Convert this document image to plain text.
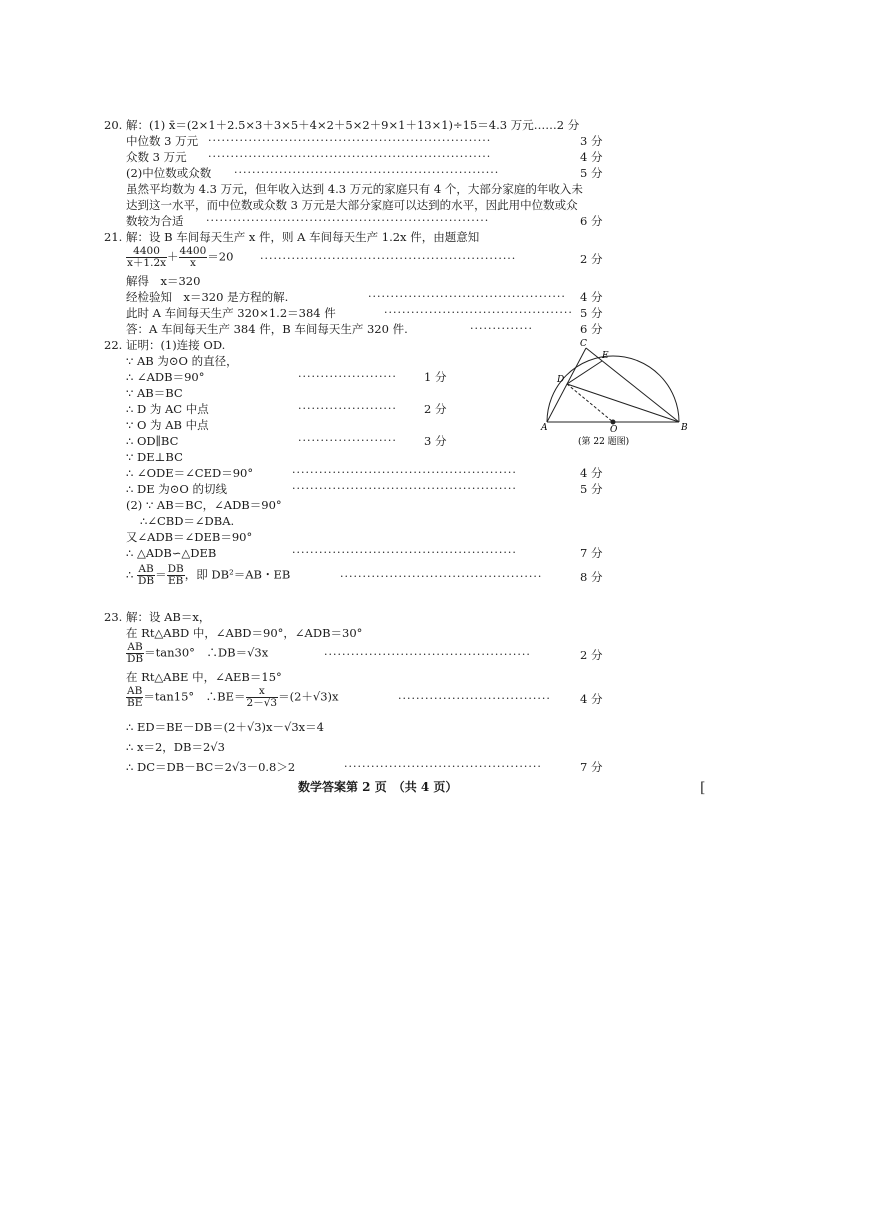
20. 解：(1) x̄＝(2×1＋2.5×3＋3×5＋4×2＋5×2＋9×1＋13×1)÷15＝4.3 万元……2 分
中位数 3 万元 ·······························································	3 分
众数 3 万元 ·······························································	4 分
(2)中位数或众数 ···························································	5 分
虽然平均数为 4.3 万元，但年收入达到 4.3 万元的家庭只有 4 个，大部分家庭的年收入未
达到这一水平，而中位数或众数 3 万元是大部分家庭可以达到的水平，因此用中位数或众
数较为合适 ·······························································	6 分
21. 解：设 B 车间每天生产 x 件，则 A 车间每天生产 1.2x 件，由题意知
$\frac{4400}{x+1.2x} + \frac{4400}{x} =20$ ·························································	2 分
解得　x＝320
经检验知　x＝320 是方程的解.	············································ 4 分
此时 A 车间每天生产 320×1.2＝384 件	·········································· 5 分
答：A 车间每天生产 384 件，B 车间每天生产 320 件.	··············	6 分
22. 证明：(1)连接 OD.
∵ AB 为⊙O 的直径，
∴ ∠ADB＝90°	······················ 1 分
∵ AB＝BC
∴ D 为 AC 中点	······················ 2 分
∵ O 为 AB 中点
∴ OD∥BC	······················ 3 分
∵ DE⊥BC
∴ ∠ODE＝∠CED＝90°	··················································	4 分
∴ DE 为⊙O 的切线	··················································	5 分
(2) ∵ AB＝BC，∠ADB＝90°
∴∠CBD＝∠DBA.
又∠ADB＝∠DEB＝90°
∴ △ADB∽△DEB	··················································	7 分
∴ $\frac{AB}{DB} = \frac{DB}{EB}$ ，即 DB²＝AB・EB	·············································	8 分
C
E
D
A	O	B
(第 22 题图)
23. 解：设 AB＝x，
在 Rt△ABD 中，∠ABD＝90°，∠ADB＝30°
$\frac{AB}{DB} =\tan 30^\circ$　∴DB＝√3x	··············································	2 分
在 Rt△ABE 中，∠AEB＝15°
$\frac{AB}{BE} =\tan 15^\circ$　∴BE＝ $\frac{x}{2-√3} =(2+√3)x$	··································	4 分
∴ ED＝BE－DB＝(2＋√3)x－√3x＝4
∴ x＝2，DB＝2√3
∴ DC＝DB－BC＝2√3－0.8＞2	············································	7 分
数学答案第 2 页　（共 4 页）	[
